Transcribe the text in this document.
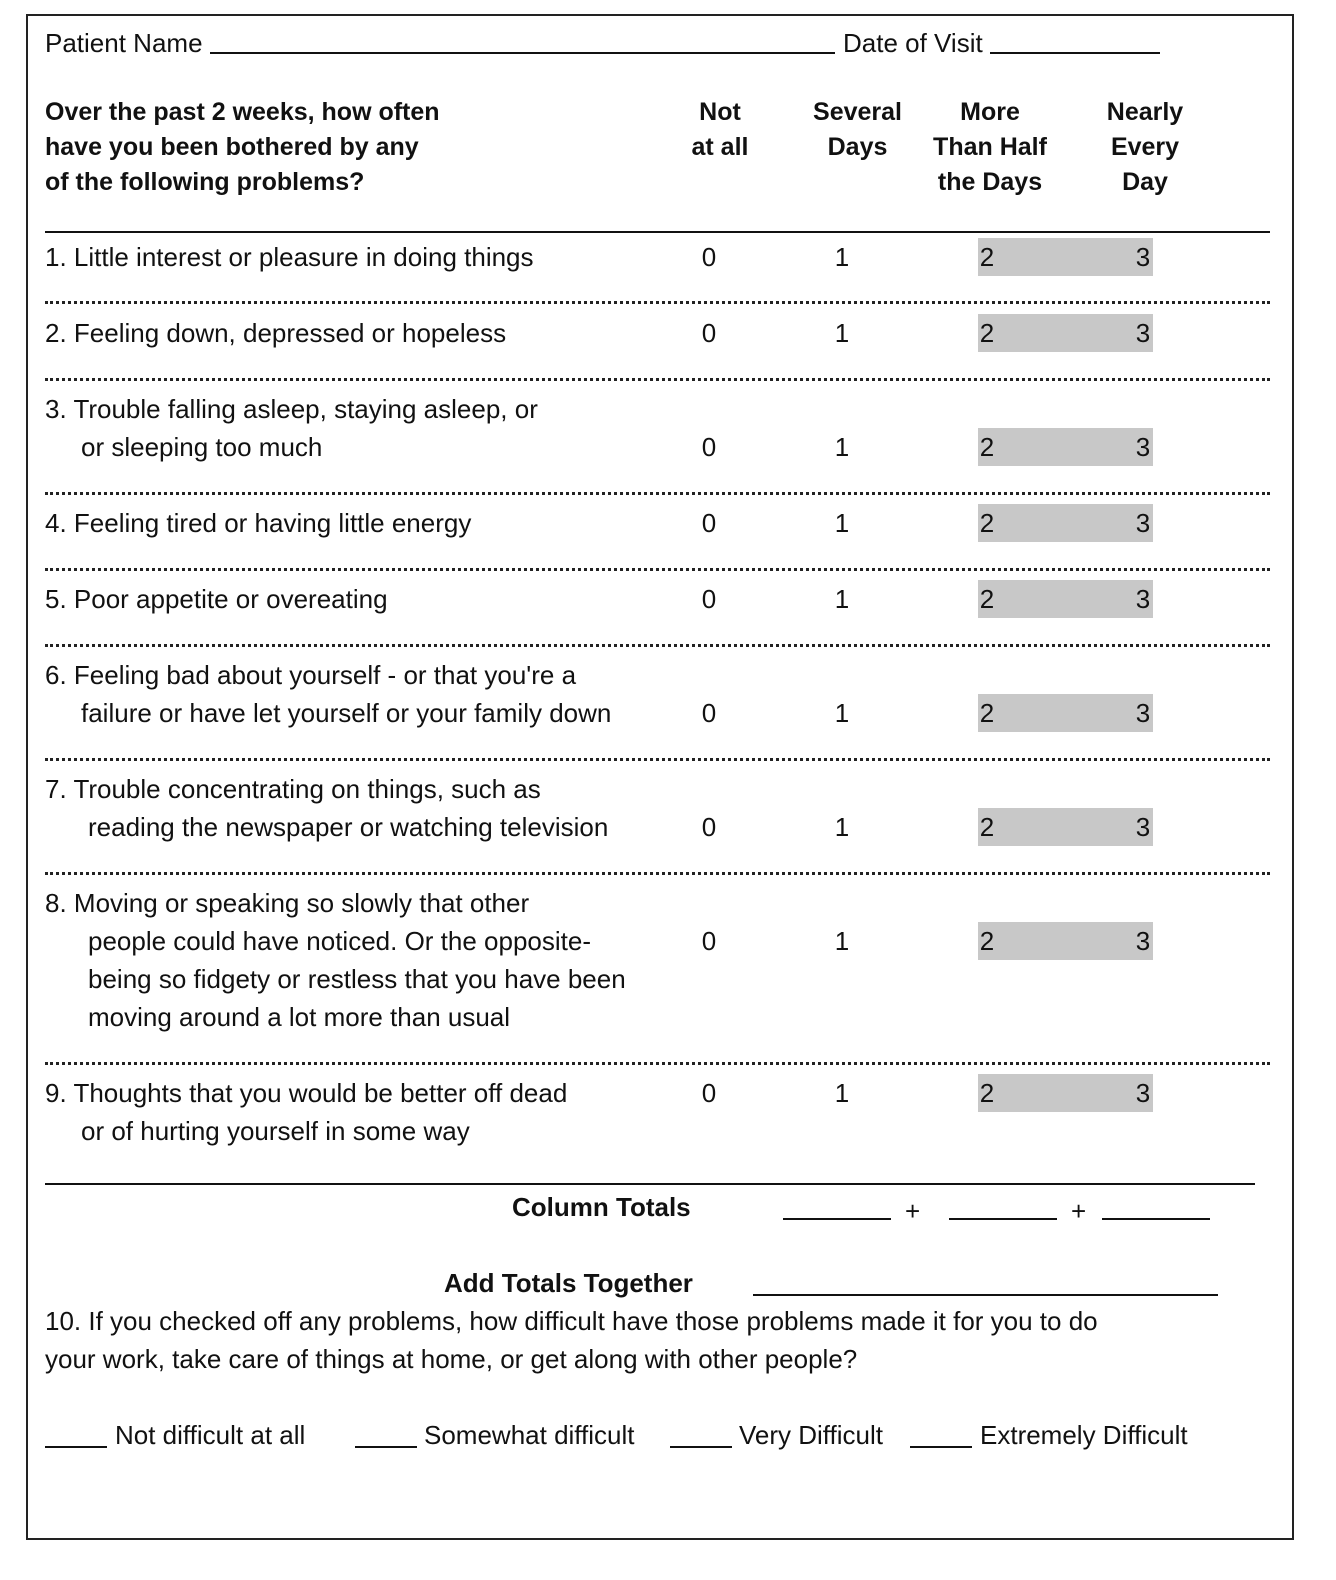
Patient Name	Date of Visit
Over the past 2 weeks, how often
have you been bothered by any
of the following problems?
Not
at all
Several
Days
More
Than Half
the Days
Nearly
Every
Day
1. Little interest or pleasure in doing things	0	1	2	3
2. Feeling down, depressed or hopeless	0	1	2	3
3. Trouble falling asleep, staying asleep, or
or sleeping too much	0	1	2	3
4. Feeling tired or having little energy	0	1	2	3
5. Poor appetite or overeating	0	1	2	3
6. Feeling bad about yourself - or that you're a
failure or have let yourself or your family down	0	1	2	3
7. Trouble concentrating on things, such as
reading the newspaper or watching television	0	1	2	3
8. Moving or speaking so slowly that other
people could have noticed. Or the opposite-
being so fidgety or restless that you have been
moving around a lot more than usual
0	1	2	3
9. Thoughts that you would be better off dead
or of hurting yourself in some way
0	1	2	3
Column Totals	+	+
Add Totals Together
10. If you checked off any problems, how difficult have those problems made it for you to do
your work, take care of things at home, or get along with other people?
Not difficult at all	Somewhat difficult	Very Difficult	Extremely Difficult
